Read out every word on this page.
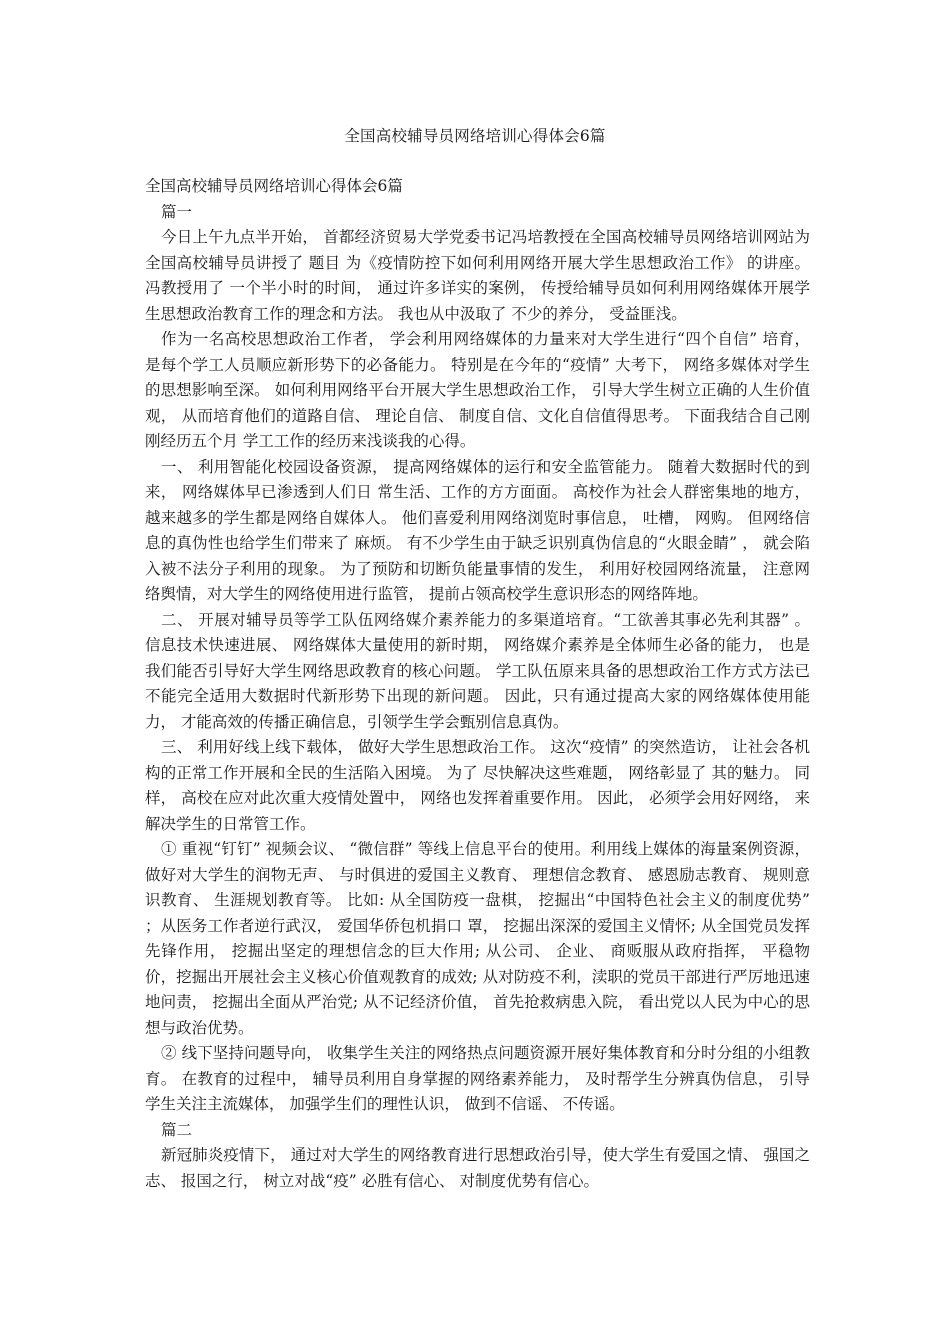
全国高校辅导员网络培训心得体会6篇

全国高校辅导员网络培训心得体会6篇

篇一

今日上午九点半开始， 首都经济贸易大学党委书记冯培教授在全国高校辅导员网络培训网站为全国高校辅导员讲授了 题目 为《疫情防控下如何利用网络开展大学生思想政治工作》 的讲座。 冯教授用了 一个半小时的时间， 通过许多详实的案例， 传授给辅导员如何利用网络媒体开展学生思想政治教育工作的理念和方法。 我也从中汲取了 不少的养分， 受益匪浅。

作为一名高校思想政治工作者， 学会利用网络媒体的力量来对大学生进行“四个自信” 培育， 是每个学工人员顺应新形势下的必备能力。 特别是在今年的“疫情” 大考下， 网络多媒体对学生的思想影响至深。 如何利用网络平台开展大学生思想政治工作， 引导大学生树立正确的人生价值观， 从而培育他们的道路自信、 理论自信、 制度自信、文化自信值得思考。 下面我结合自己刚刚经历五个月 学工工作的经历来浅谈我的心得。

一、 利用智能化校园设备资源， 提高网络媒体的运行和安全监管能力。 随着大数据时代的到来， 网络媒体早已渗透到人们日 常生活、工作的方方面面。 高校作为社会人群密集地的地方， 越来越多的学生都是网络自媒体人。 他们喜爱利用网络浏览时事信息， 吐槽， 网购。 但网络信息的真伪性也给学生们带来了 麻烦。 有不少学生由于缺乏识别真伪信息的“火眼金睛” ， 就会陷入被不法分子利用的现象。 为了预防和切断负能量事情的发生， 利用好校园网络流量， 注意网络舆情，对大学生的网络使用进行监管， 提前占领高校学生意识形态的网络阵地。

二、 开展对辅导员等学工队伍网络媒介素养能力的多渠道培育。“工欲善其事必先利其器” 。 信息技术快速进展、 网络媒体大量使用的新时期， 网络媒介素养是全体师生必备的能力， 也是我们能否引导好大学生网络思政教育的核心问题。 学工队伍原来具备的思想政治工作方式方法已不能完全适用大数据时代新形势下出现的新问题。 因此，只有通过提高大家的网络媒体使用能力， 才能高效的传播正确信息，引领学生学会甄别信息真伪。

三、 利用好线上线下载体， 做好大学生思想政治工作。 这次“疫情” 的突然造访， 让社会各机构的正常工作开展和全民的生活陷入困境。 为了 尽快解决这些难题， 网络彰显了 其的魅力。 同样， 高校在应对此次重大疫情处置中， 网络也发挥着重要作用。 因此， 必须学会用好网络， 来解决学生的日常管工作。

① 重视“钉钉” 视频会议、 “微信群” 等线上信息平台的使用。利用线上媒体的海量案例资源， 做好对大学生的润物无声、 与时俱进的爱国主义教育、 理想信念教育、 感恩励志教育、 规则意识教育、 生涯规划教育等。 比如: 从全国防疫一盘棋， 挖掘出“中国特色社会主义的制度优势” ；从医务工作者逆行武汉， 爱国华侨包机捐口 罩， 挖掘出深深的爱国主义情怀; 从全国党员发挥先锋作用， 挖掘出坚定的理想信念的巨大作用; 从公司、 企业、 商贩服从政府指挥， 平稳物价，挖掘出开展社会主义核心价值观教育的成效; 从对防疫不利，渎职的党员干部进行严厉地迅速地问责， 挖掘出全面从严治党; 从不记经济价值， 首先抢救病患入院， 看出党以人民为中心的思想与政治优势。

② 线下坚持问题导向， 收集学生关注的网络热点问题资源开展好集体教育和分时分组的小组教育。 在教育的过程中， 辅导员利用自身掌握的网络素养能力， 及时帮学生分辨真伪信息， 引导学生关注主流媒体， 加强学生们的理性认识， 做到不信谣、 不传谣。

篇二

新冠肺炎疫情下， 通过对大学生的网络教育进行思想政治引导，使大学生有爱国之情、 强国之志、 报国之行， 树立对战“疫” 必胜有信心、 对制度优势有信心。
